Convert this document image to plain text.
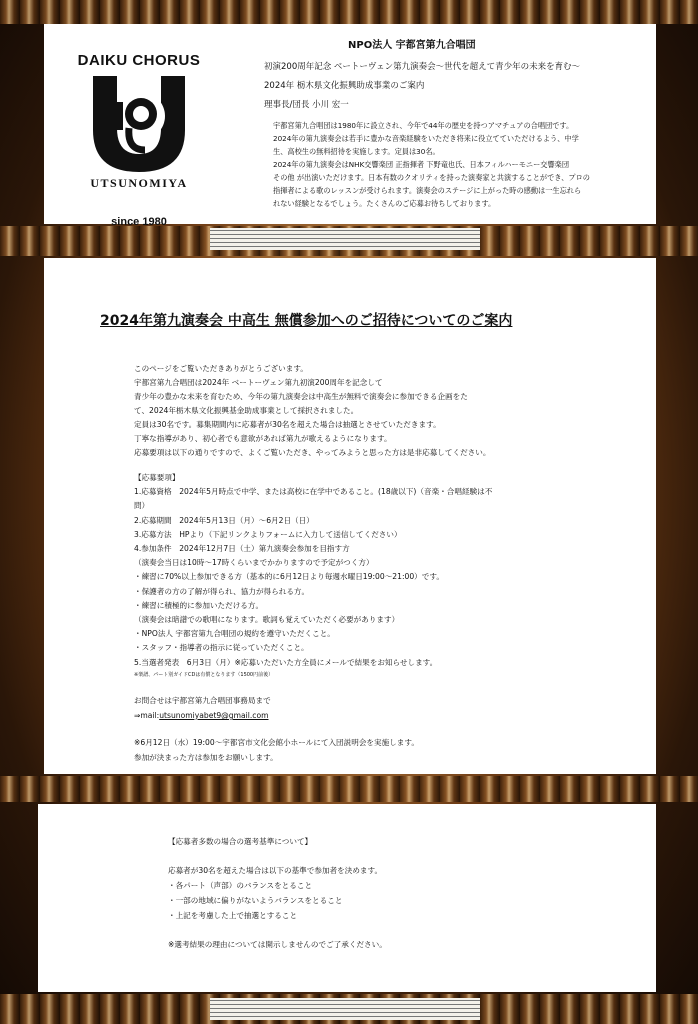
DAIKU CHORUS
UTSUNOMIYA
since 1980
NPO法人 宇都宮第九合唱団
初演200周年記念 ベートーヴェン第九演奏会～世代を超えて青少年の未来を育む～
2024年 栃木県文化振興助成事業のご案内
理事長/団長 小川 宏一

宇都宮第九合唱団は1980年に設立され、今年で44年の歴史を持つアマチュアの合唱団です。

2024年の第九演奏会は若手に豊かな音楽経験をいただき将来に役立てていただけるよう、中学

生、高校生の無料招待を実施します。定員は30名。

2024年の第九演奏会はNHK交響楽団 正指揮者 下野竜也氏、日本フィルハーモニー交響楽団

その他 が出演いただけます。日本有数のクオリティを持った演奏家と共演することができ、プロの

指揮者による歌のレッスンが受けられます。演奏会のステージに上がった時の感動は一生忘れら

れない経験となるでしょう。たくさんのご応募お待ちしております。

2024年第九演奏会 中高生 無償参加へのご招待についてのご案内

このページをご覧いただきありがとうございます。

宇都宮第九合唱団は2024年 ベートーヴェン第九初演200周年を記念して

青少年の豊かな未来を育むため、今年の第九演奏会は中高生が無料で演奏会に参加できる企画をた

て、2024年栃木県文化振興基金助成事業として採択されました。

定員は30名です。募集期間内に応募者が30名を超えた場合は抽選とさせていただきます。

丁寧な指導があり、初心者でも意欲があれば第九が歌えるようになります。

応募要項は以下の通りですので、よくご覧いただき、やってみようと思った方は是非応募してください。

【応募要項】

1.応募資格　2024年5月時点で中学、または高校に在学中であること。(18歳以下)（音楽・合唱経験は不

問）

2.応募期間　2024年5月13日（月）～6月2日（日）

3.応募方法　HPより（下記リンクよりフォームに入力して送信してください）

4.参加条件　2024年12月7日（土）第九演奏会参加を目指す方

（演奏会当日は10時～17時くらいまでかかりますので予定がつく方）

・練習に70%以上参加できる方（基本的に6月12日より毎週水曜日19:00～21:00）です。

・保護者の方の了解が得られ、協力が得られる方。

・練習に積極的に参加いただける方。

（演奏会は暗譜での歌唱になります。歌詞も覚えていただく必要があります）

・NPO法人 宇都宮第九合唱団の規約を遵守いただくこと。

・スタッフ・指導者の指示に従っていただくこと。

5.当選者発表　6月3日（月）※応募いただいた方全員にメールで結果をお知らせします。

※楽譜、パート別ガイドCDは有償となります（1500円前後）

お問合せは宇都宮第九合唱団事務局まで

⇒mail:utsunomiyabet9@gmail.com

※6月12日（水）19:00～宇都宮市文化会館小ホールにて入団説明会を実施します。

参加が決まった方は参加をお願いします。

【応募者多数の場合の選考基準について】

応募者が30名を超えた場合は以下の基準で参加者を決めます。

・各パート（声部）のバランスをとること

・一部の地域に偏りがないようバランスをとること

・上記を考慮した上で抽選とすること

※選考結果の理由については開示しませんのでご了承ください。
